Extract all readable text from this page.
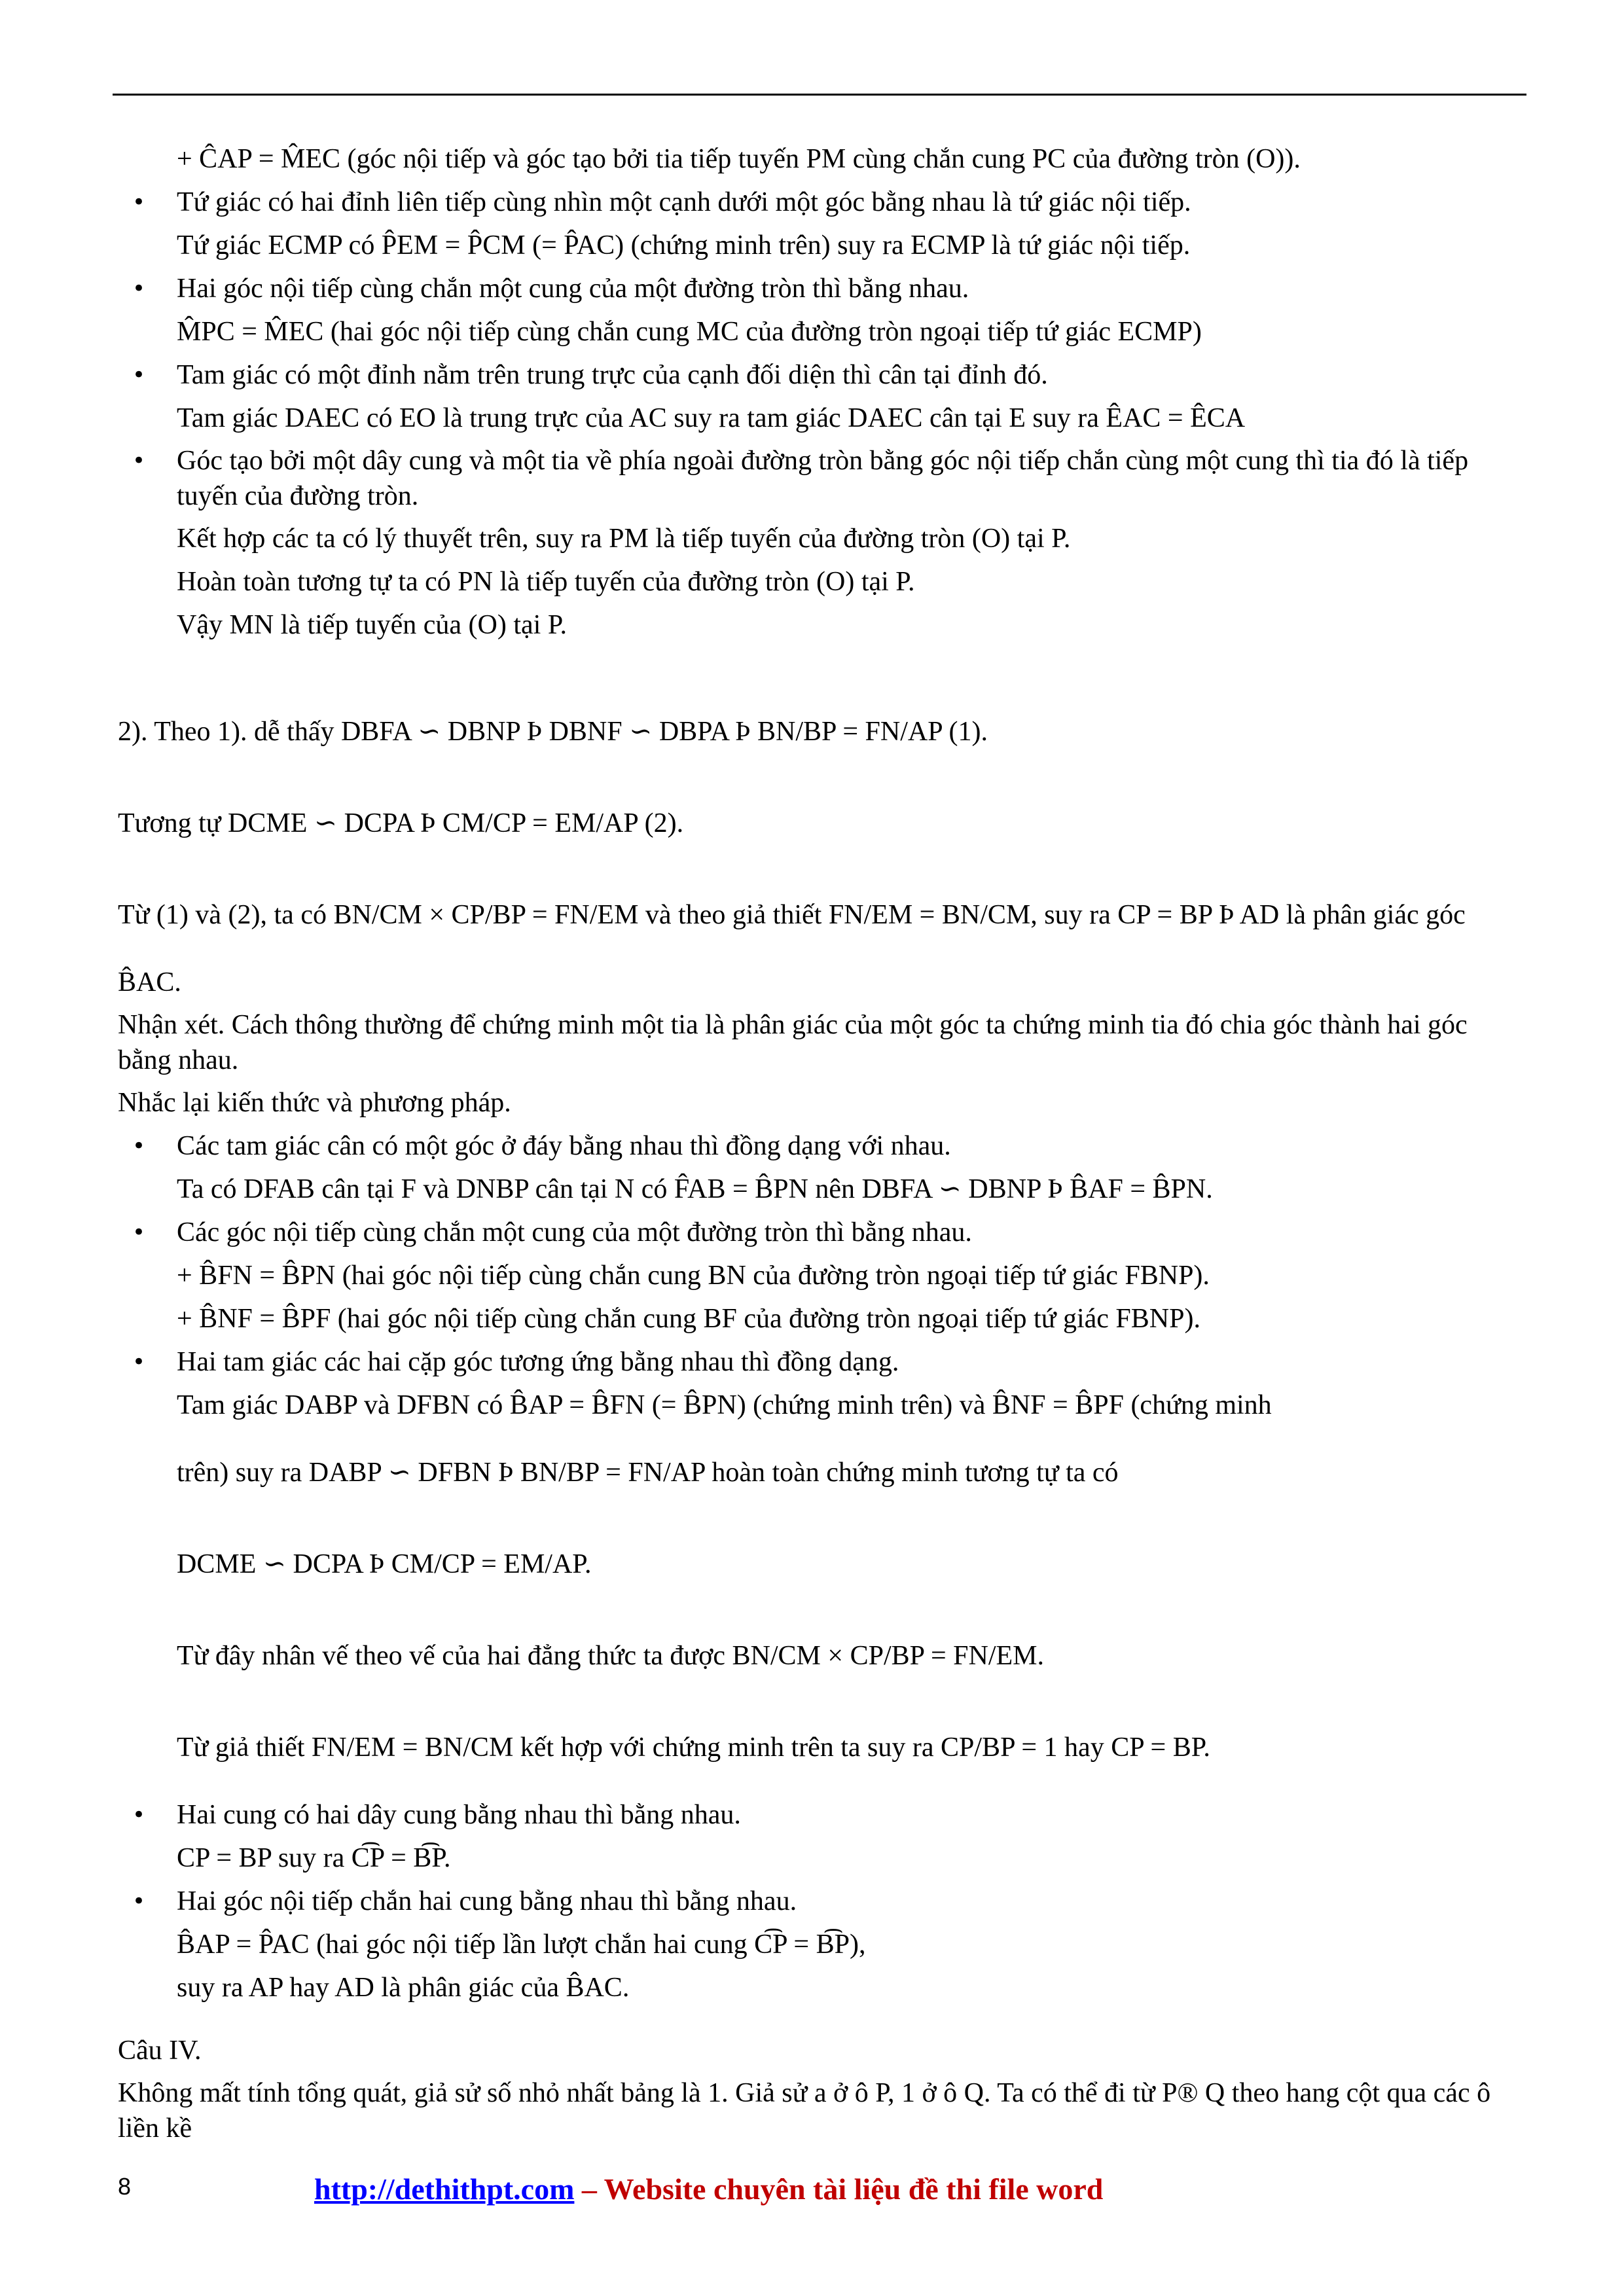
+ ĈAP = M̂EC (góc nội tiếp và góc tạo bởi tia tiếp tuyến PM cùng chắn cung PC của đường tròn (O)).
• Tứ giác có hai đỉnh liên tiếp cùng nhìn một cạnh dưới một góc bằng nhau là tứ giác nội tiếp.
Tứ giác ECMP có P̂EM = P̂CM (= P̂AC) (chứng minh trên) suy ra ECMP là tứ giác nội tiếp.
• Hai góc nội tiếp cùng chắn một cung của một đường tròn thì bằng nhau.
M̂PC = M̂EC (hai góc nội tiếp cùng chắn cung MC của đường tròn ngoại tiếp tứ giác ECMP)
• Tam giác có một đỉnh nằm trên trung trực của cạnh đối diện thì cân tại đỉnh đó.
Tam giác DAEC có EO là trung trực của AC suy ra tam giác DAEC cân tại E suy ra ÊAC = ÊCA
• Góc tạo bởi một dây cung và một tia về phía ngoài đường tròn bằng góc nội tiếp chắn cùng một cung thì tia đó là tiếp tuyến của đường tròn.
Kết hợp các ta có lý thuyết trên, suy ra PM là tiếp tuyến của đường tròn (O) tại P.
Hoàn toàn tương tự ta có PN là tiếp tuyến của đường tròn (O) tại P.
Vậy MN là tiếp tuyến của (O) tại P.
2). Theo 1). dễ thấy DBFA ∽ DBNP Þ DBNF ∽ DBPA Þ BN/BP = FN/AP (1).
Tương tự DCME ∽ DCPA Þ CM/CP = EM/AP (2).
Từ (1) và (2), ta có BN/CM × CP/BP = FN/EM và theo giả thiết FN/EM = BN/CM, suy ra CP = BP Þ AD là phân giác góc
B̂AC.
Nhận xét. Cách thông thường để chứng minh một tia là phân giác của một góc ta chứng minh tia đó chia góc thành hai góc bằng nhau.
Nhắc lại kiến thức và phương pháp.
• Các tam giác cân có một góc ở đáy bằng nhau thì đồng dạng với nhau.
Ta có DFAB cân tại F và DNBP cân tại N có F̂AB = B̂PN nên DBFA ∽ DBNP Þ B̂AF = B̂PN.
• Các góc nội tiếp cùng chắn một cung của một đường tròn thì bằng nhau.
+ B̂FN = B̂PN (hai góc nội tiếp cùng chắn cung BN của đường tròn ngoại tiếp tứ giác FBNP).
+ B̂NF = B̂PF (hai góc nội tiếp cùng chắn cung BF của đường tròn ngoại tiếp tứ giác FBNP).
• Hai tam giác các hai cặp góc tương ứng bằng nhau thì đồng dạng.
Tam giác DABP và DFBN có B̂AP = B̂FN (= B̂PN) (chứng minh trên) và B̂NF = B̂PF (chứng minh
trên) suy ra DABP ∽ DFBN Þ BN/BP = FN/AP hoàn toàn chứng minh tương tự ta có
DCME ∽ DCPA Þ CM/CP = EM/AP.
Từ đây nhân vế theo vế của hai đẳng thức ta được BN/CM × CP/BP = FN/EM.
Từ giả thiết FN/EM = BN/CM kết hợp với chứng minh trên ta suy ra CP/BP = 1 hay CP = BP.
• Hai cung có hai dây cung bằng nhau thì bằng nhau.
CP = BP suy ra C͡P = B͡P.
• Hai góc nội tiếp chắn hai cung bằng nhau thì bằng nhau.
B̂AP = P̂AC (hai góc nội tiếp lần lượt chắn hai cung C͡P = B͡P),
suy ra AP hay AD là phân giác của B̂AC.
Câu IV.
Không mất tính tổng quát, giả sử số nhỏ nhất bảng là 1. Giả sử a ở ô P, 1 ở ô Q. Ta có thể đi từ P® Q theo hang cột qua các ô liền kề
8	http://dethithpt.com – Website chuyên tài liệu đề thi file word
